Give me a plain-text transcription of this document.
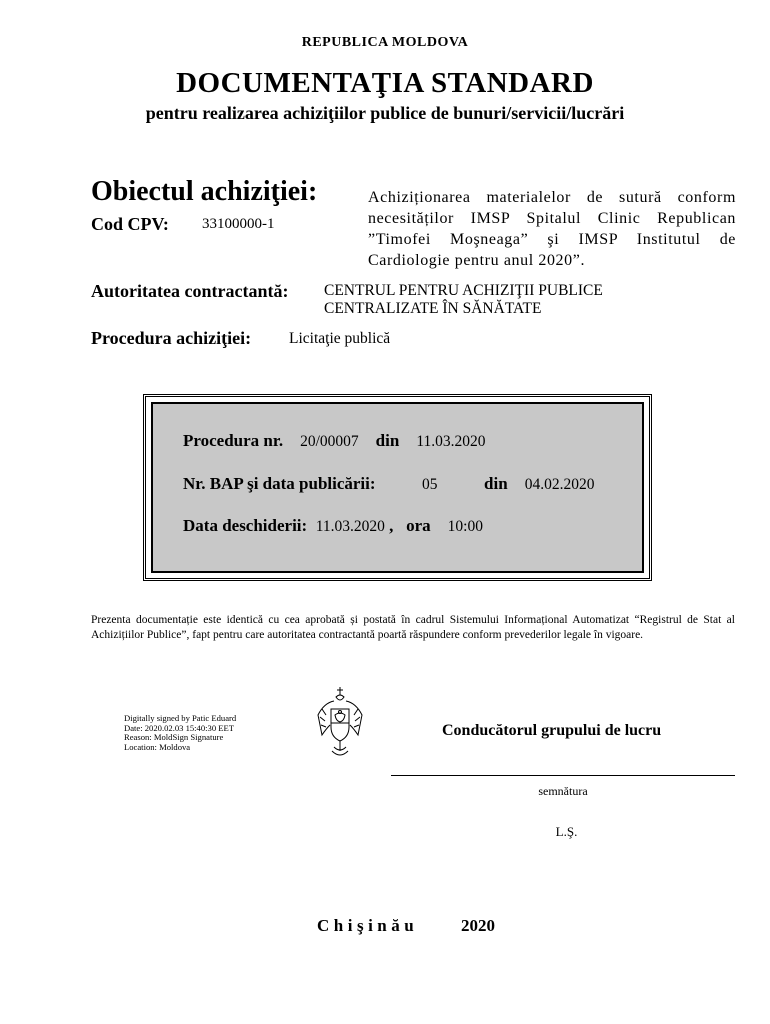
REPUBLICA MOLDOVA
DOCUMENTAŢIA STANDARD
pentru realizarea achiziţiilor publice de bunuri/servicii/lucrări
Obiectul achiziţiei:
Cod CPV: 33100000-1
Achiziționarea materialelor de sutură conform necesităților IMSP Spitalul Clinic Republican ”Timofei Moşneaga” şi IMSP Institutul de Cardiologie pentru anul 2020”.
Autoritatea contractantă: CENTRUL PENTRU ACHIZIŢII PUBLICE
CENTRALIZATE ÎN SĂNĂTATE
Procedura achiziţiei: Licitaţie publică
Procedura nr. 20/00007 din 11.03.2020
Nr. BAP şi data publicării:	05	din 04.02.2020
Data deschiderii: 11.03.2020 , ora 10:00
Prezenta documentație este identică cu cea aprobată și postată în cadrul Sistemului Informațional Automatizat “Registrul de Stat al Achizițiilor Publice”, fapt pentru care autoritatea contractantă poartă răspundere conform prevederilor legale în vigoare.
Digitally signed by Patic Eduard
Date: 2020.02.03 15:40:30 EET
Reason: MoldSign Signature
Location: Moldova
Conducătorul grupului de lucru
semnătura
L.Ş.
Chişinău	2020
